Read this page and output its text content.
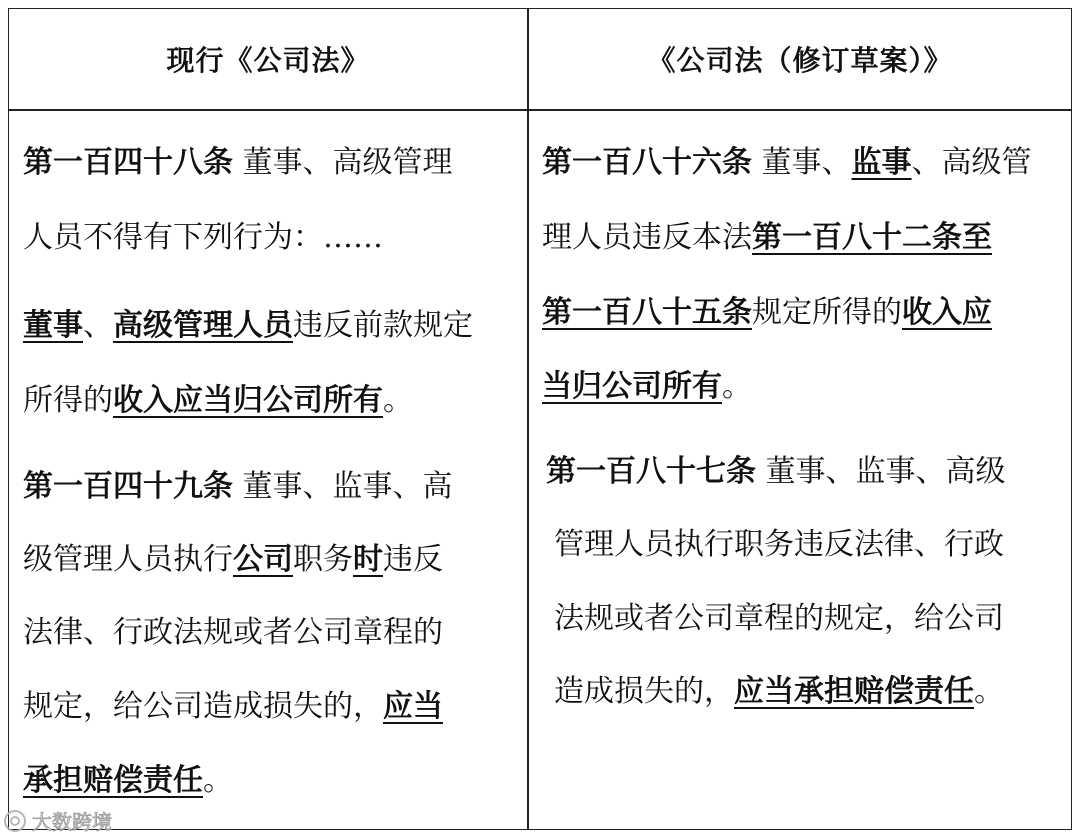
现行《公司法》	《公司法（修订草案）》
第一百四十八条 董事、高级管理
人员不得有下列行为：……
董事、高级管理人员违反前款规定
所得的收入应当归公司所有。
第一百四十九条 董事、监事、高
级管理人员执行公司职务时违反
法律、行政法规或者公司章程的
规定，给公司造成损失的，应当
承担赔偿责任。
第一百八十六条 董事、监事、高级管
理人员违反本法第一百八十二条至
第一百八十五条规定所得的收入应
当归公司所有。
第一百八十七条 董事、监事、高级
管理人员执行职务违反法律、行政
法规或者公司章程的规定，给公司
造成损失的，应当承担赔偿责任。
大数跨境
